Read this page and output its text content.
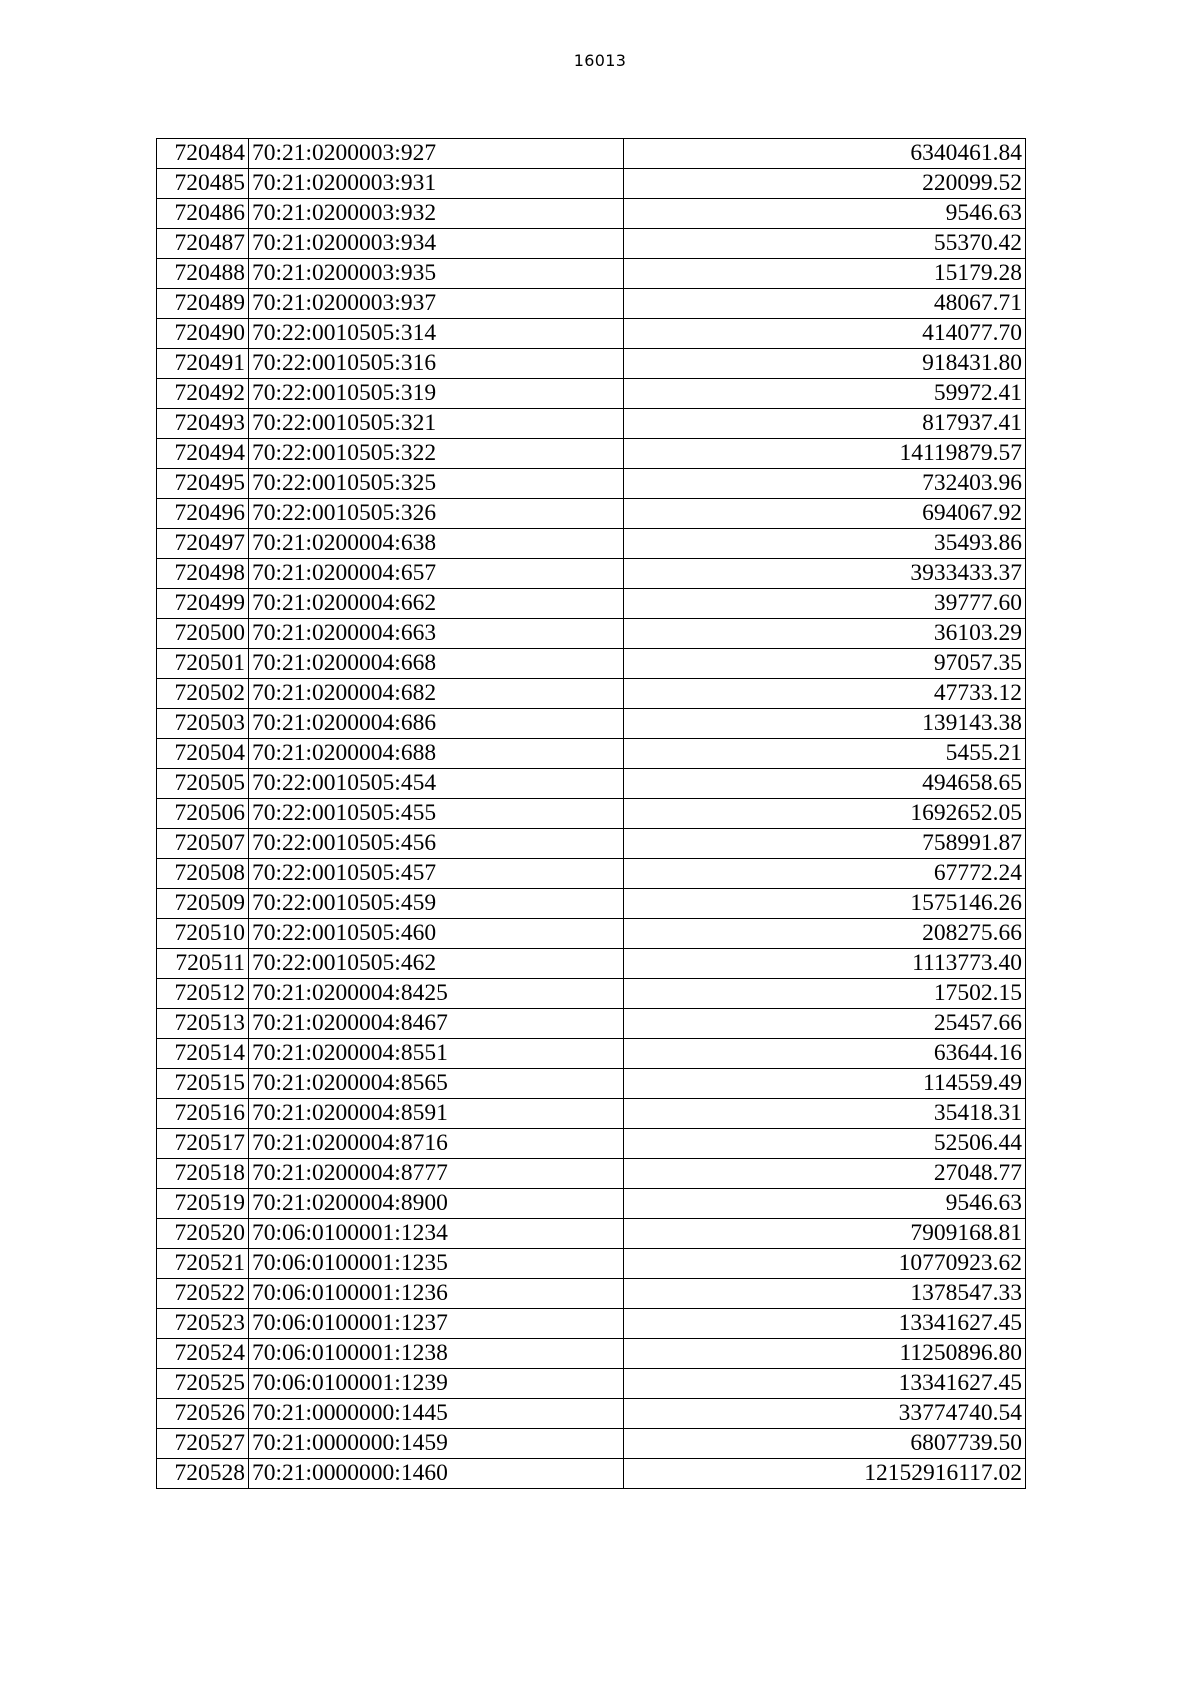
16013
720484	70:21:0200003:927	6340461.84
720485	70:21:0200003:931	220099.52
720486	70:21:0200003:932	9546.63
720487	70:21:0200003:934	55370.42
720488	70:21:0200003:935	15179.28
720489	70:21:0200003:937	48067.71
720490	70:22:0010505:314	414077.70
720491	70:22:0010505:316	918431.80
720492	70:22:0010505:319	59972.41
720493	70:22:0010505:321	817937.41
720494	70:22:0010505:322	14119879.57
720495	70:22:0010505:325	732403.96
720496	70:22:0010505:326	694067.92
720497	70:21:0200004:638	35493.86
720498	70:21:0200004:657	3933433.37
720499	70:21:0200004:662	39777.60
720500	70:21:0200004:663	36103.29
720501	70:21:0200004:668	97057.35
720502	70:21:0200004:682	47733.12
720503	70:21:0200004:686	139143.38
720504	70:21:0200004:688	5455.21
720505	70:22:0010505:454	494658.65
720506	70:22:0010505:455	1692652.05
720507	70:22:0010505:456	758991.87
720508	70:22:0010505:457	67772.24
720509	70:22:0010505:459	1575146.26
720510	70:22:0010505:460	208275.66
720511	70:22:0010505:462	1113773.40
720512	70:21:0200004:8425	17502.15
720513	70:21:0200004:8467	25457.66
720514	70:21:0200004:8551	63644.16
720515	70:21:0200004:8565	114559.49
720516	70:21:0200004:8591	35418.31
720517	70:21:0200004:8716	52506.44
720518	70:21:0200004:8777	27048.77
720519	70:21:0200004:8900	9546.63
720520	70:06:0100001:1234	7909168.81
720521	70:06:0100001:1235	10770923.62
720522	70:06:0100001:1236	1378547.33
720523	70:06:0100001:1237	13341627.45
720524	70:06:0100001:1238	11250896.80
720525	70:06:0100001:1239	13341627.45
720526	70:21:0000000:1445	33774740.54
720527	70:21:0000000:1459	6807739.50
720528	70:21:0000000:1460	12152916117.02
